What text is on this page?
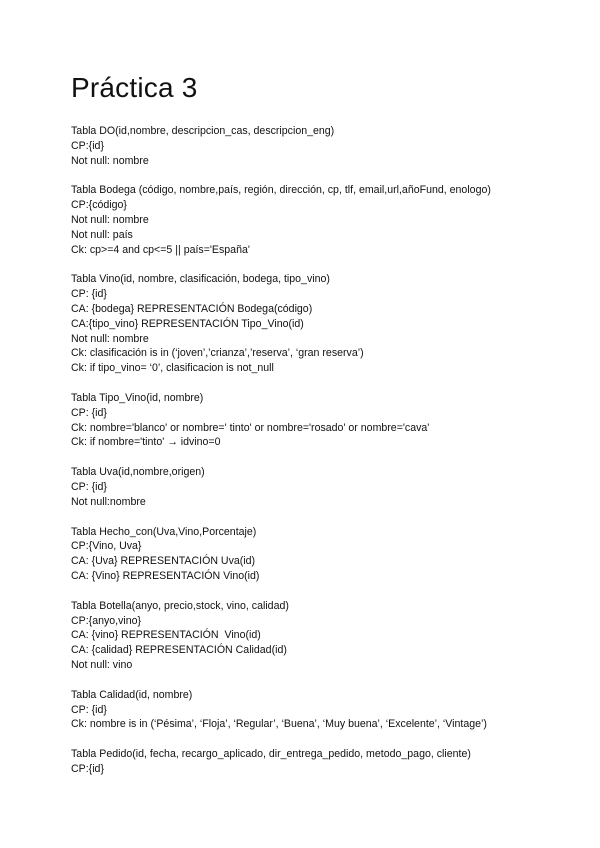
Práctica 3
Tabla DO(id,nombre, descripcion_cas, descripcion_eng)
CP:{id}
Not null: nombre
Tabla Bodega (código, nombre,país, región, dirección, cp, tlf, email,url,añoFund, enologo)
CP:{código}
Not null: nombre
Not null: país
Ck: cp>=4 and cp<=5 || país='España'
Tabla Vino(id, nombre, clasificación, bodega, tipo_vino)
CP: {id}
CA: {bodega} REPRESENTACIÓN Bodega(código)
CA:{tipo_vino} REPRESENTACIÓN Tipo_Vino(id)
Not null: nombre
Ck: clasificación is in (‘joven’,’crianza’,’reserva’, ‘gran reserva’)
Ck: if tipo_vino= ‘0’, clasificacion is not_null
Tabla Tipo_Vino(id, nombre)
CP: {id}
Ck: nombre='blanco' or nombre=' tinto' or nombre='rosado' or nombre='cava'
Ck: if nombre='tinto' → idvino=0
Tabla Uva(id,nombre,origen)
CP: {id}
Not null:nombre
Tabla Hecho_con(Uva,Vino,Porcentaje)
CP:{Vino, Uva}
CA: {Uva} REPRESENTACIÓN Uva(id)
CA: {Vino} REPRESENTACIÓN Vino(id)
Tabla Botella(anyo, precio,stock, vino, calidad)
CP:{anyo,vino}
CA: {vino} REPRESENTACIÓN  Vino(id)
CA: {calidad} REPRESENTACIÓN Calidad(id)
Not null: vino
Tabla Calidad(id, nombre)
CP: {id}
Ck: nombre is in (‘Pésima’, ‘Floja’, ‘Regular’, ‘Buena’, ‘Muy buena’, ‘Excelente’, ‘Vintage’)
Tabla Pedido(id, fecha, recargo_aplicado, dir_entrega_pedido, metodo_pago, cliente)
CP:{id}
